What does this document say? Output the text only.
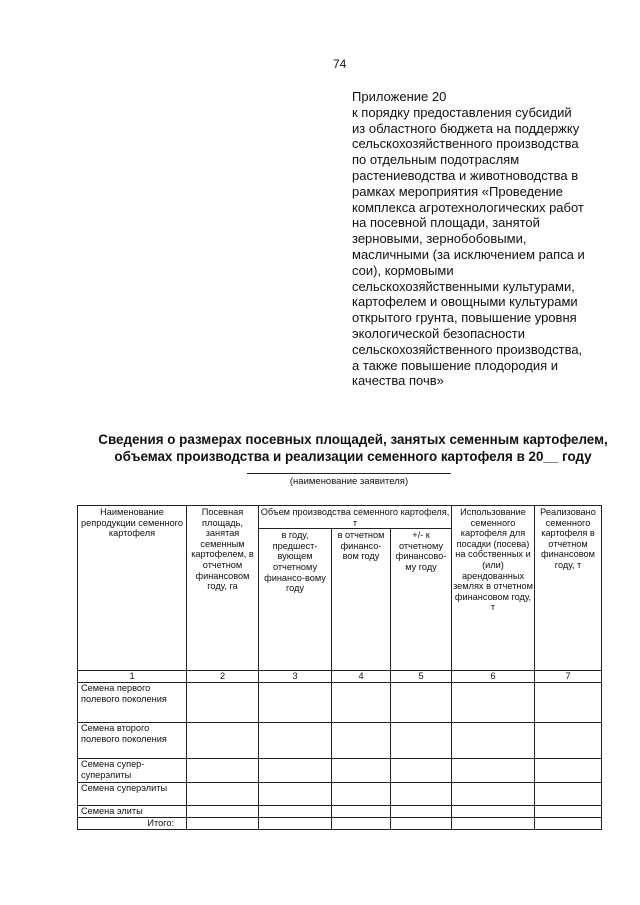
74
Приложение 20
к порядку предоставления субсидий
из областного бюджета на поддержку
сельскохозяйственного производства
по отдельным подотраслям
растениеводства и животноводства в
рамках мероприятия «Проведение
комплекса агротехнологических работ
на посевной площади, занятой
зерновыми, зернобобовыми,
масличными (за исключением рапса и
сои), кормовыми
сельскохозяйственными культурами,
картофелем и овощными культурами
открытого грунта, повышение уровня
экологической безопасности
сельскохозяйственного производства,
а также повышение плодородия и
качества почв»
Сведения о размерах посевных площадей, занятых семенным картофелем,
объемах производства и реализации семенного картофеля в 20__ году
(наименование заявителя)
Наименование репродукции семенного картофеля	Посевная площадь, занятая семенным картофелем, в отчетном финансовом году, га	Объем производства семенного картофеля, т			Использование семенного картофеля для посадки (посева) на собственных и (или) арендованных землях в отчетном финансовом году, т	Реализовано семенного картофеля в отчетном финансовом году, т
		в году, предшест-вующем отчетному финансо-вому году	в отчетном финансо-вом году	+/- к отчетному финансово-му году		
1	2	3	4	5	6	7
Семена первого полевого поколения						
Семена второго полевого поколения						
Семена супер-суперэлиты						
Семена суперэлиты						
Семена элиты						
Итого:						
